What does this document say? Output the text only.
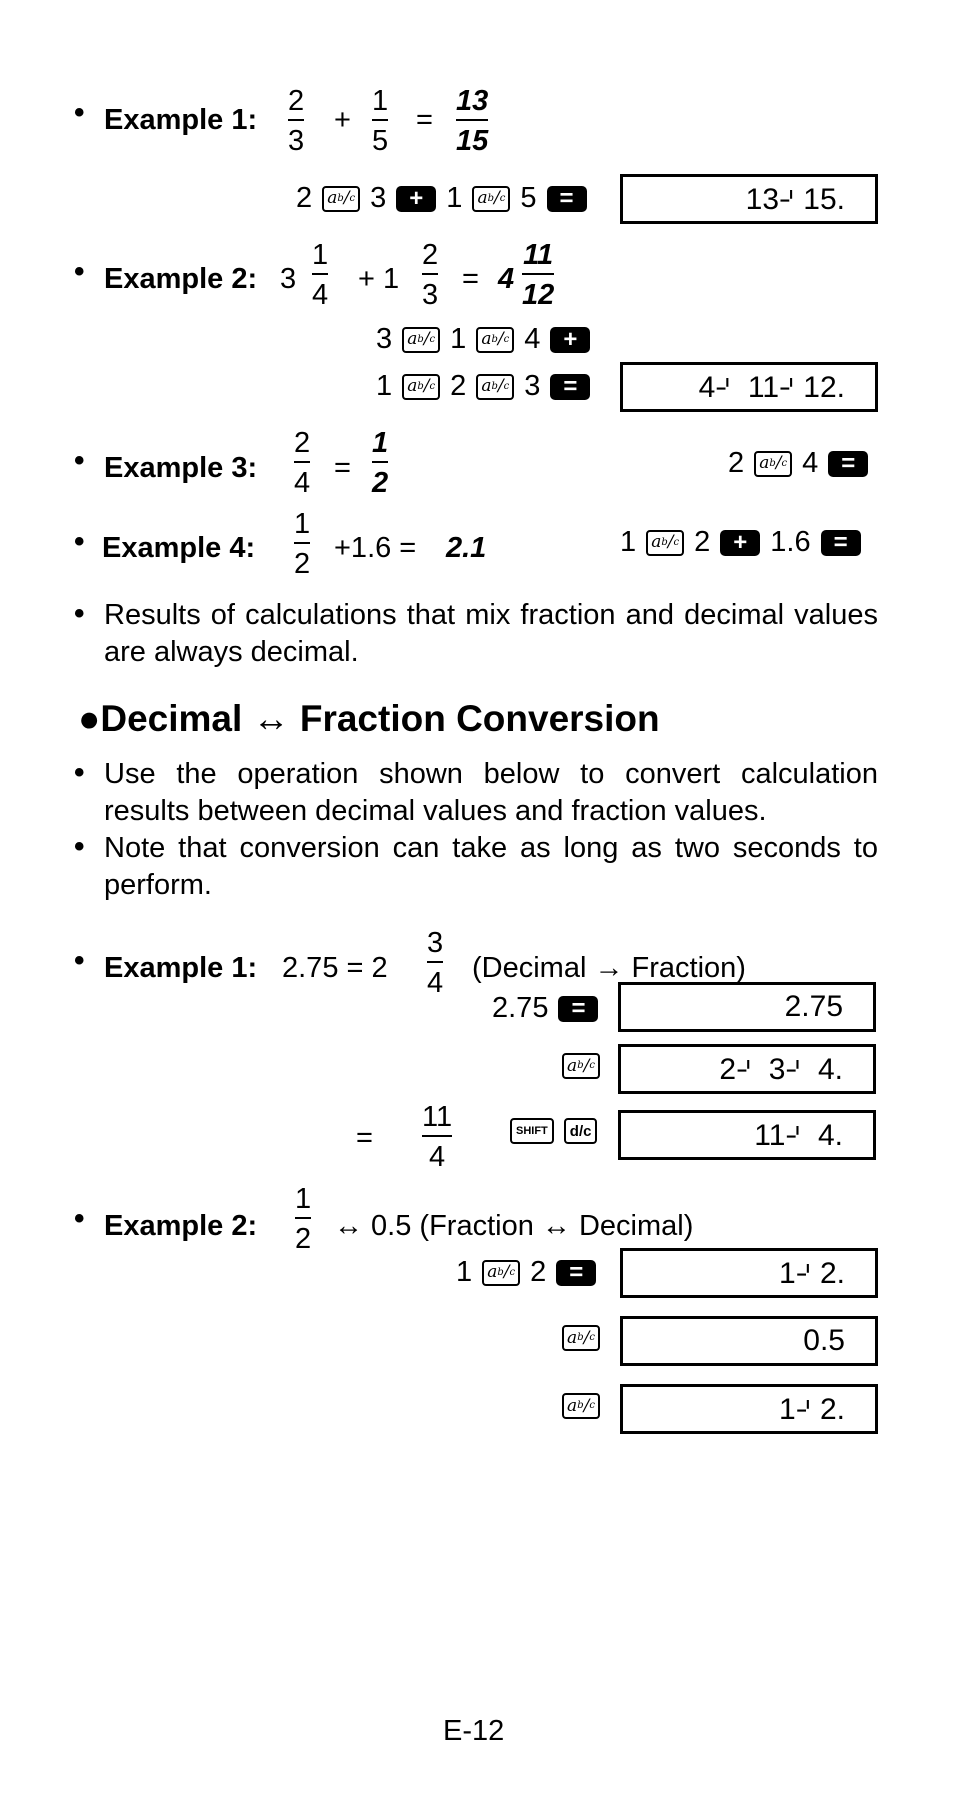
• Example 1:
2
3
+
1
5
=
13
15
2 a b / c 3 + 1 a b / c 5 =	13⌏15.
• Example 2: 3
1
4 + 1
2
3 = 4
11
12
3 a b / c 1 a b / c 4 +
1 a b / c 2 a b / c 3 =	4⌏ 11⌏12.
• Example 3:
2
4 =
1
2
2 a b / c 4 =
• Example 4:
1
2 +1.6 = 2.1	1 a b / c 2 + 1.6 =
• Results of calculations that mix fraction and decimal values are always decimal.
●Decimal ↔ Fraction Conversion
• Use the operation shown below to convert calculation results between decimal values and fraction values.
• Note that conversion can take as long as two seconds to perform.
• Example 1: 2.75 = 2
3
4 (Decimal → Fraction)
2.75 =	2.75
a b / c	2⌏ 3⌏ 4.
=
11
4
SHIFT	d/c	11⌏ 4.
• Example 2:
1
2 ↔ 0.5 (Fraction ↔ Decimal)
1 a b / c 2 =	1⌏2.
a b / c	0.5
a b / c	1⌏2.
E-12
